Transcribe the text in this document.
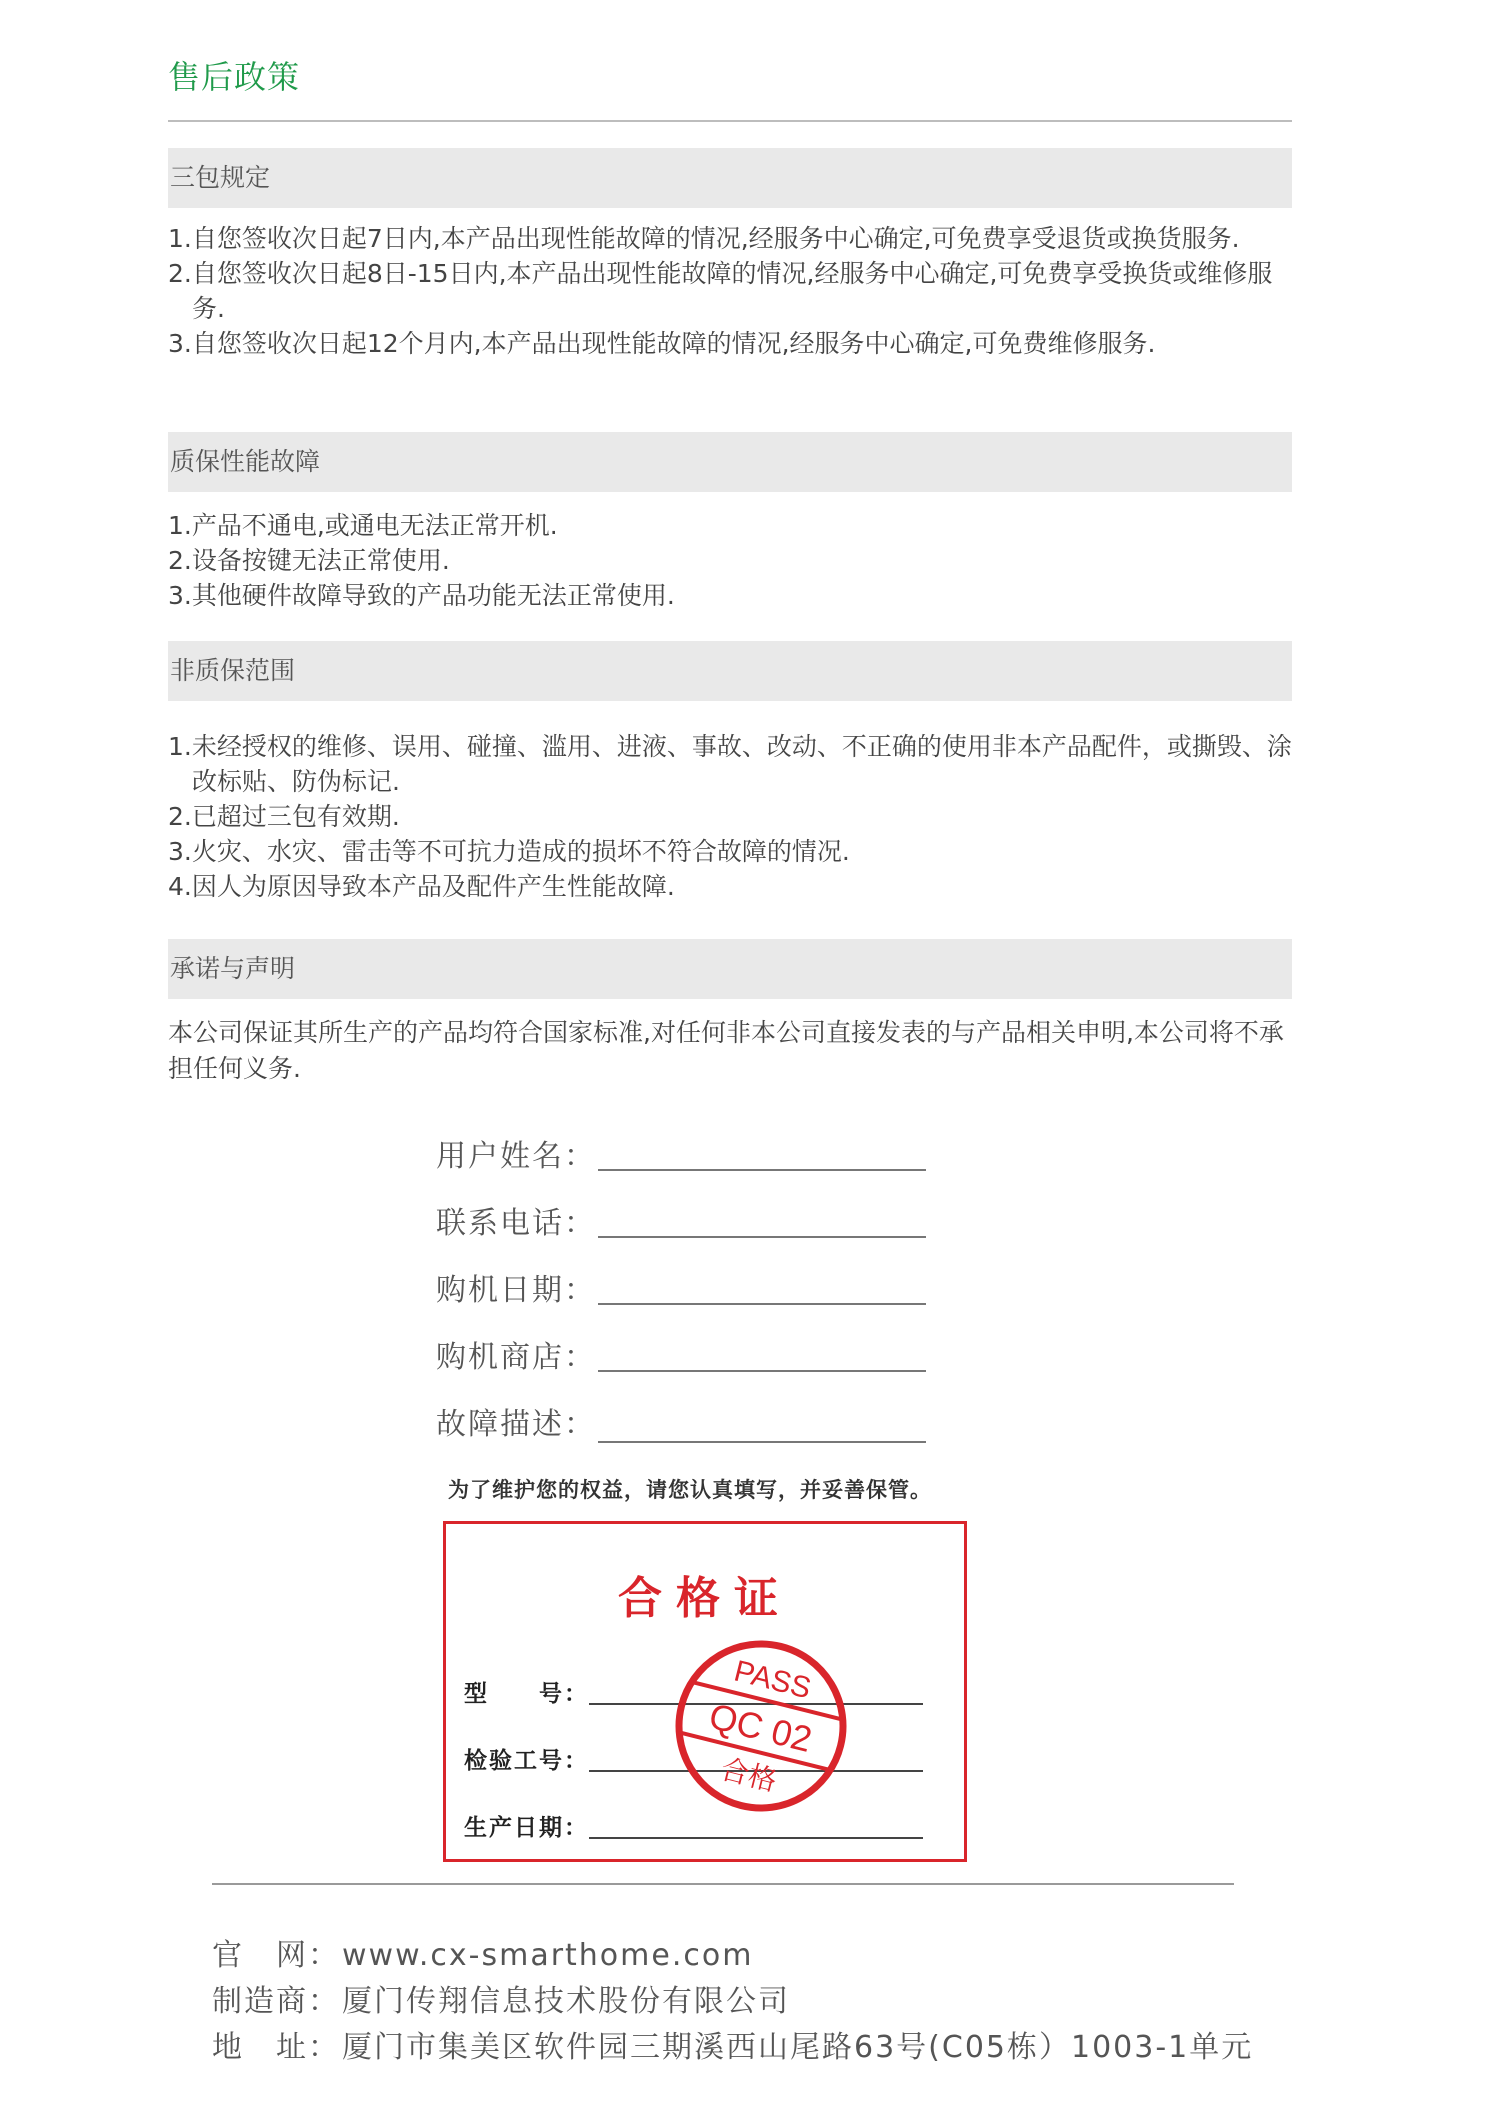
售后政策
三包规定
1.自您签收次日起7日内,本产品出现性能故障的情况,经服务中心确定,可免费享受退货或换货服务.
2.自您签收次日起8日-15日内,本产品出现性能故障的情况,经服务中心确定,可免费享受换货或维修服务.
3.自您签收次日起12个月内,本产品出现性能故障的情况,经服务中心确定,可免费维修服务.
质保性能故障
1.产品不通电,或通电无法正常开机.
2.设备按键无法正常使用.
3.其他硬件故障导致的产品功能无法正常使用.
非质保范围
1.未经授权的维修、误用、碰撞、滥用、进液、事故、改动、不正确的使用非本产品配件，或撕毁、涂改标贴、防伪标记.
2.已超过三包有效期.
3.火灾、水灾、雷击等不可抗力造成的损坏不符合故障的情况.
4.因人为原因导致本产品及配件产生性能故障.
承诺与声明
本公司保证其所生产的产品均符合国家标准,对任何非本公司直接发表的与产品相关申明,本公司将不承担任何义务.
用户姓名：
联系电话：
购机日期：
购机商店：
故障描述：
为了维护您的权益，请您认真填写，并妥善保管。
合格证
型　　号：
检验工号：
生产日期：
PASS
QC 02
合格
官　网：www.cx-smarthome.com
制造商：厦门传翔信息技术股份有限公司
地　址：厦门市集美区软件园三期溪西山尾路63号(C05栋）1003-1单元
